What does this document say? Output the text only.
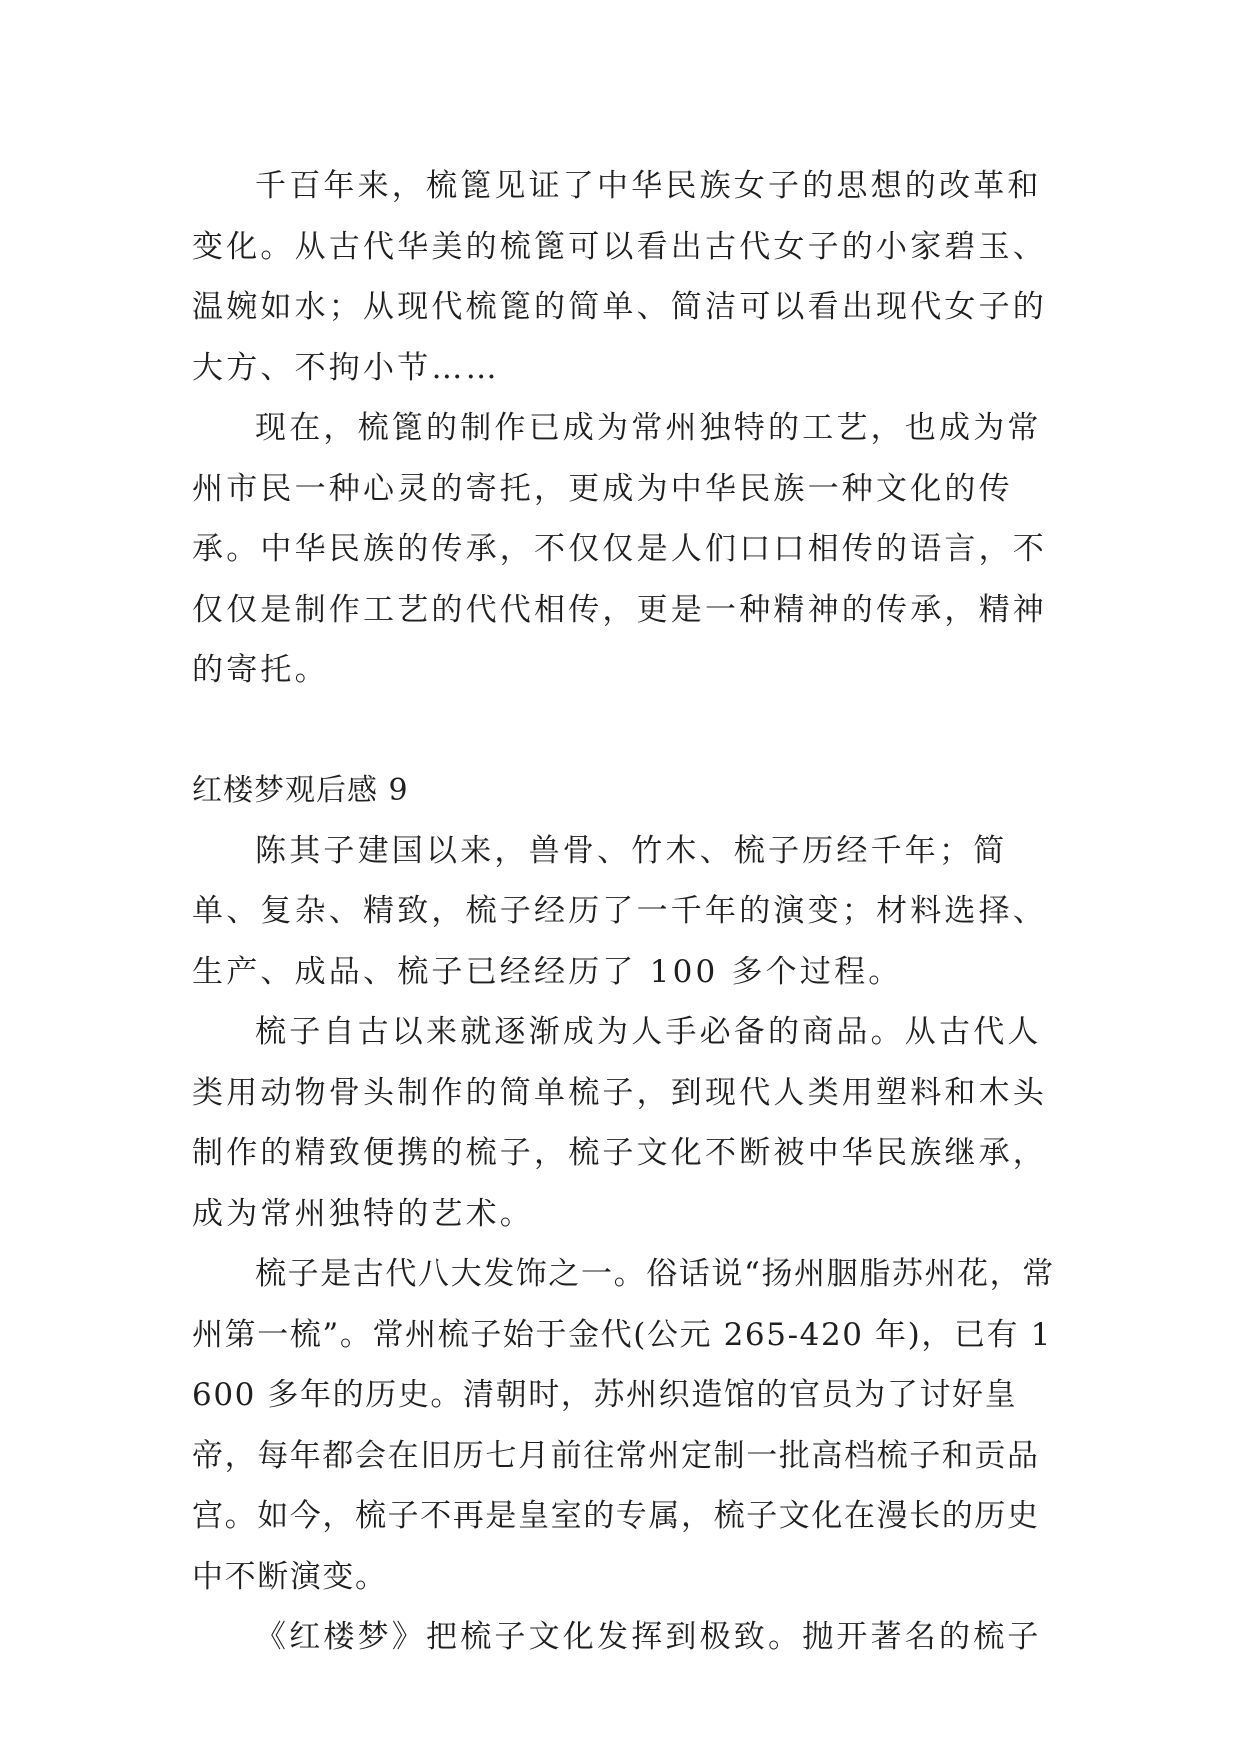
千百年来，梳篦见证了中华民族女子的思想的改革和变化。从古代华美的梳篦可以看出古代女子的小家碧玉、温婉如水；从现代梳篦的简单、简洁可以看出现代女子的大方、不拘小节……

现在，梳篦的制作已成为常州独特的工艺，也成为常州市民一种心灵的寄托，更成为中华民族一种文化的传承。中华民族的传承，不仅仅是人们口口相传的语言，不仅仅是制作工艺的代代相传，更是一种精神的传承，精神的寄托。

红楼梦观后感 9

陈其子建国以来，兽骨、竹木、梳子历经千年；简单、复杂、精致，梳子经历了一千年的演变；材料选择、生产、成品、梳子已经经历了 100 多个过程。

梳子自古以来就逐渐成为人手必备的商品。从古代人类用动物骨头制作的简单梳子，到现代人类用塑料和木头制作的精致便携的梳子，梳子文化不断被中华民族继承，成为常州独特的艺术。

梳子是古代八大发饰之一。俗话说“扬州胭脂苏州花，常州第一梳”。常州梳子始于金代(公元 265-420 年)，已有 1600 多年的历史。清朝时，苏州织造馆的官员为了讨好皇帝，每年都会在旧历七月前往常州定制一批高档梳子和贡品宫。如今，梳子不再是皇室的专属，梳子文化在漫长的历史中不断演变。

《红楼梦》把梳子文化发挥到极致。抛开著名的梳子
